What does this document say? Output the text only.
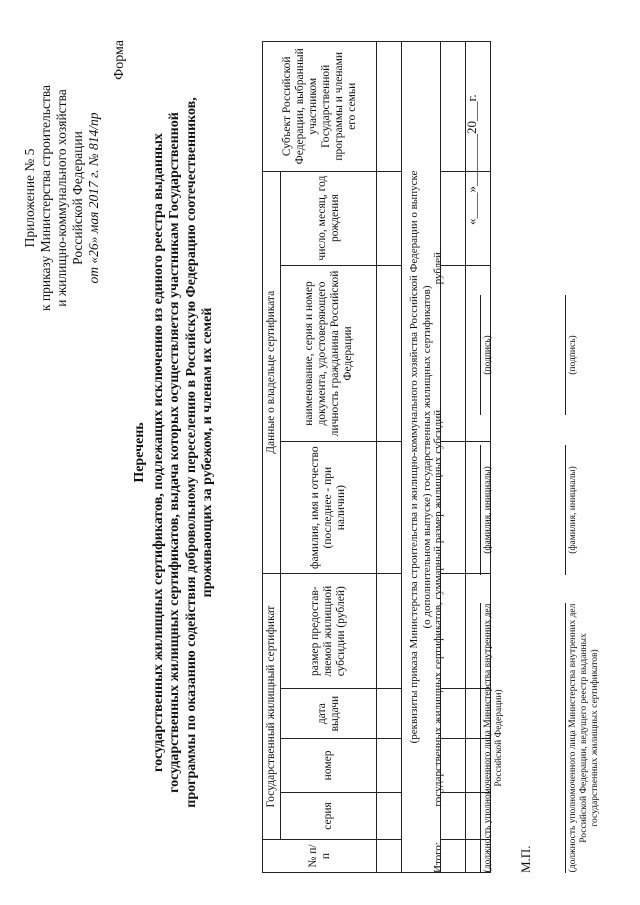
Приложение № 5 к приказу Министерства строительства и жилищно-коммунального хозяйства Российской Федерации от «26» мая 2017 г. № 814/пр
Форма
Перечень государственных жилищных сертификатов, подлежащих исключению из единого реестра выданных государственных жилищных сертификатов, выдача которых осуществляется участникам Государственной программы по оказанию содействия добровольному переселению в Российскую Федерацию соотечественников, проживающих за рубежом, и членам их семей
№ п/п	Государственный жилищный сертификат				Данные о владельце сертификата			Субъект Российской Федерации, выбранный участником Государственной программы и членами его семьи
	серия	номер	дата выдачи	размер предостав-ляемой жилищной субсидии (рублей)	фамилия, имя и отчество (последнее - при наличии)	наименование, серия и номер документа, удостоверяющего личность гражданина Российской Федерации	число, месяц, год рождения	

(реквизиты приказа Министерства строительства и жилищно-коммунального хозяйства Российской Федерации о выпуске (о дополнительном выпуске) государственных жилищных сертификатов)								

Итого:  государственных жилищных сертификатов, суммарный размер жилищных субсидий  рублей
(должность уполномоченного лица Министерства внутренних дел Российской Федерации)
(фамилия, инициалы)
(подпись)
«____»________20___г.
М.П.	(должность уполномоченного лица Министерства внутренних дел Российской Федерации, ведущего реестр выданных государственных жилищных сертификатов)
(фамилия, инициалы)
(подпись)
